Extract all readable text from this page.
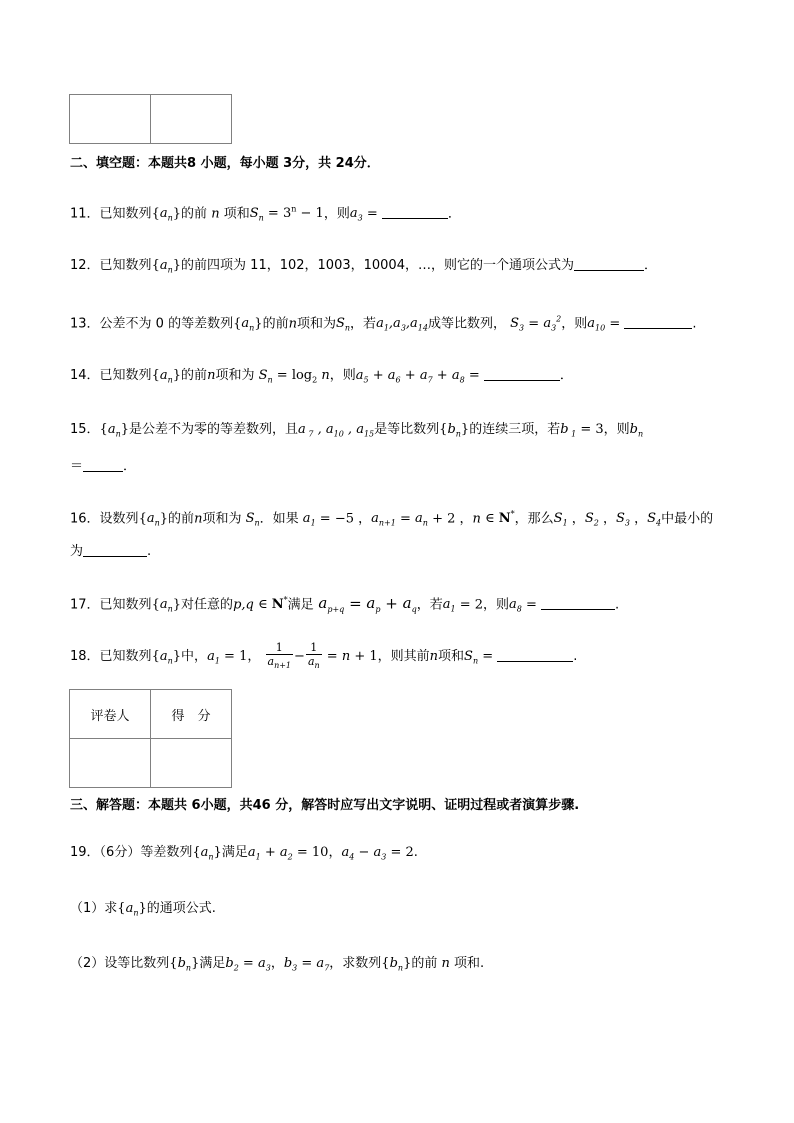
二、填空题：本题共8 小题，每小题 3分，共 24分．
11．已知数列$\{a_n\}$的前 n 项和$S_n = 3^n - 1$，则$a_3$ =	．
12．已知数列$\{a_n\}$的前四项为 11，102，1003，10004，…，则它的一个通项公式为	．
13．公差不为 0 的等差数列$\{a_n\}$的前n项和为$S_n$，若$a_1,a_3,a_{14}$成等比数列， $S_3 = a_3^2$，则$a_{10}$ =	.
14．已知数列$\{a_n\}$的前n项和为 $S_n = \log_2 n$，则$a_5 + a_6 + a_7 + a_8$ =	．
15．$\{a_n\}$是公差不为零的等差数列，且a $_7$ , $a_{10}$ , $a_{15}$是等比数列$\{b_n\}$的连续三项，若b $_1$ = 3，则$b_n$
＝	．
16．设数列$\{a_n\}$的前n项和为 $S_n$．如果 $a_1 = -5$ ，$a_{n+1} = a_n + 2$ ，n ∈ N*，那么$S_1$ ，$S_2$ ，$S_3$ ，$S_4$中最小的
为	.
17．已知数列$\{a_n\}$对任意的p,q ∈ N*满足 $a_{p+q} = a_p + a_q$，若$a_1 = 2$，则$a_8$ =	.
18．已知数列$\{a_n\}$中，$a_1 = 1$， $\frac{1}{a_{n+1}} - \frac{1}{a_n} = n + 1$，则其前n项和$S_n$ =	.
评卷人	得　分

三、解答题：本题共 6小题，共46 分，解答时应写出文字说明、证明过程或者演算步骤.
19．（6分）等差数列$\{a_n\}$满足$a_1 + a_2 = 10$，$a_4 - a_3 = 2$.
（1）求$\{a_n\}$的通项公式.
（2）设等比数列$\{b_n\}$满足$b_2 = a_3$，$b_3 = a_7$，求数列$\{b_n\}$的前 n 项和.
